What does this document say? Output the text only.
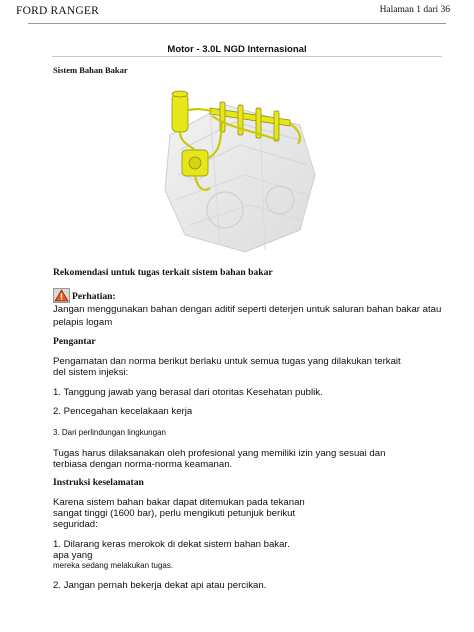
FORD RANGER	Halaman 1 dari 36
Motor - 3.0L NGD Internasional
Sistem Bahan Bakar
Rekomendasi untuk tugas terkait sistem bahan bakar
Perhatian:
Jangan menggunakan bahan dengan aditif seperti deterjen untuk saluran bahan bakar atau
pelapis logam
Pengantar
Pengamatan dan norma berikut berlaku untuk semua tugas yang dilakukan terkait
del sistem injeksi:
1. Tanggung jawab yang berasal dari otoritas Kesehatan publik.
2. Pencegahan kecelakaan kerja
3. Dari perlindungan lingkungan
Tugas harus dilaksanakan oleh profesional yang memiliki izin yang sesuai dan
terbiasa dengan norma-norma keamanan.
Instruksi keselamatan
Karena sistem bahan bakar dapat ditemukan pada tekanan
sangat tinggi (1600 bar), perlu mengikuti petunjuk berikut
seguridad:
1. Dilarang keras merokok di dekat sistem bahan bakar.
apa yang
mereka sedang melakukan tugas.
2. Jangan pernah bekerja dekat api atau percikan.
